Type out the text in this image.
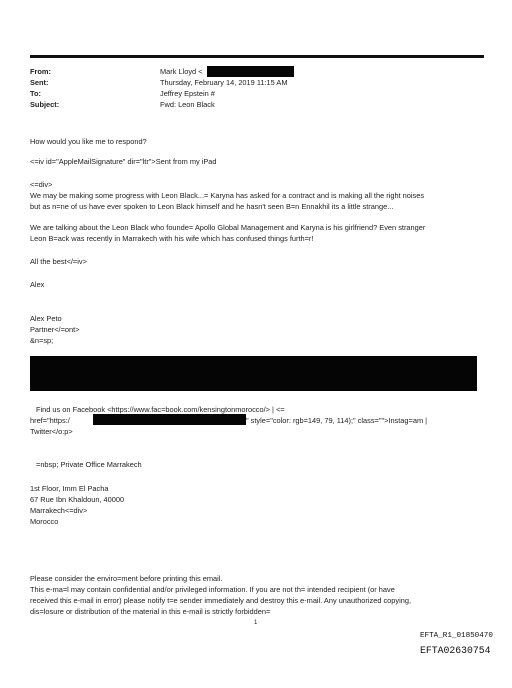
From:
Sent:
To:
Subject:
Mark Lloyd <
Thursday, February 14, 2019 11:15 AM
Jeffrey Epstein #
Fwd: Leon Black
How would you like me to respond?
<=iv id="AppleMailSignature" dir="ltr">Sent from my iPad
<=div>
We may be making some progress with Leon Black...= Karyna has asked for a contract and is making all the right noises
but as n=ne of us have ever spoken to Leon Black himself and he hasn't seen B=n Ennakhil its a little strange...
We are talking about the Leon Black who founde= Apollo Global Management and Karyna is his girlfriend? Even stranger
Leon B=ack was recently in Marrakech with his wife which has confused things furth=r!
All the best</=iv>
Alex
Alex Peto
Partner</=ont>
&n=sp;
Find us on Facebook <https://www.fac=book.com/kensingtonmorocco/> | <=
href="https:/	" style="color: rgb=149, 79, 114);" class="">Instag=am |
Twitter</o:p>
=nbsp; Private Office Marrakech
1st Floor, Imm El Pacha
67 Rue Ibn Khaldoun, 40000
Marrakech<=div>
Morocco
Please consider the enviro=ment before printing this email.
This e-ma=l may contain confidential and/or privileged information. If you are not th= intended recipient (or have
received this e-mail in error) please notify t=e sender immediately and destroy this e-mail. Any unauthorized copying,
dis=losure or distribution of the material in this e-mail is strictly forbidden=
1
EFTA_R1_01850470
EFTA02630754
